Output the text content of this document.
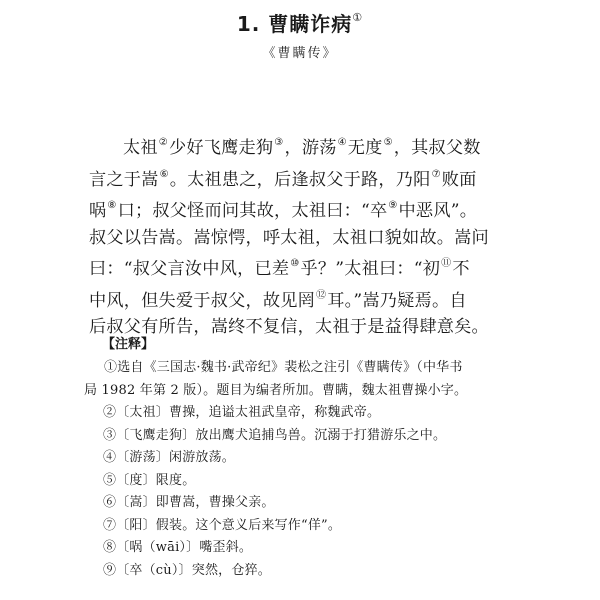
1. 曹瞒诈病①
《曹瞒传》

太祖②少好飞鹰走狗③，游荡④无度⑤，其叔父数

言之于嵩⑥。太祖患之，后逢叔父于路，乃阳⑦败面

㖞⑧口；叔父怪而问其故，太祖曰：“卒⑨中恶风”。

叔父以告嵩。嵩惊愕，呼太祖，太祖口貌如故。嵩问

曰：“叔父言汝中风，已差⑩乎？”太祖曰：“初⑪不

中风，但失爱于叔父，故见罔⑫耳。”嵩乃疑焉。自

后叔父有所告，嵩终不复信，太祖于是益得肆意矣。

【注释】
①选自《三国志·魏书·武帝纪》裴松之注引《曹瞒传》（中华书
局 1982 年第 2 版）。题目为编者所加。曹瞒，魏太祖曹操小字。
②〔太祖〕曹操，追谥太祖武皇帝，称魏武帝。
③〔飞鹰走狗〕放出鹰犬追捕鸟兽。沉溺于打猎游乐之中。
④〔游荡〕闲游放荡。
⑤〔度〕限度。
⑥〔嵩〕即曹嵩，曹操父亲。
⑦〔阳〕假装。这个意义后来写作“佯”。
⑧〔㖞（wāi）〕嘴歪斜。
⑨〔卒（cù）〕突然，仓猝。
